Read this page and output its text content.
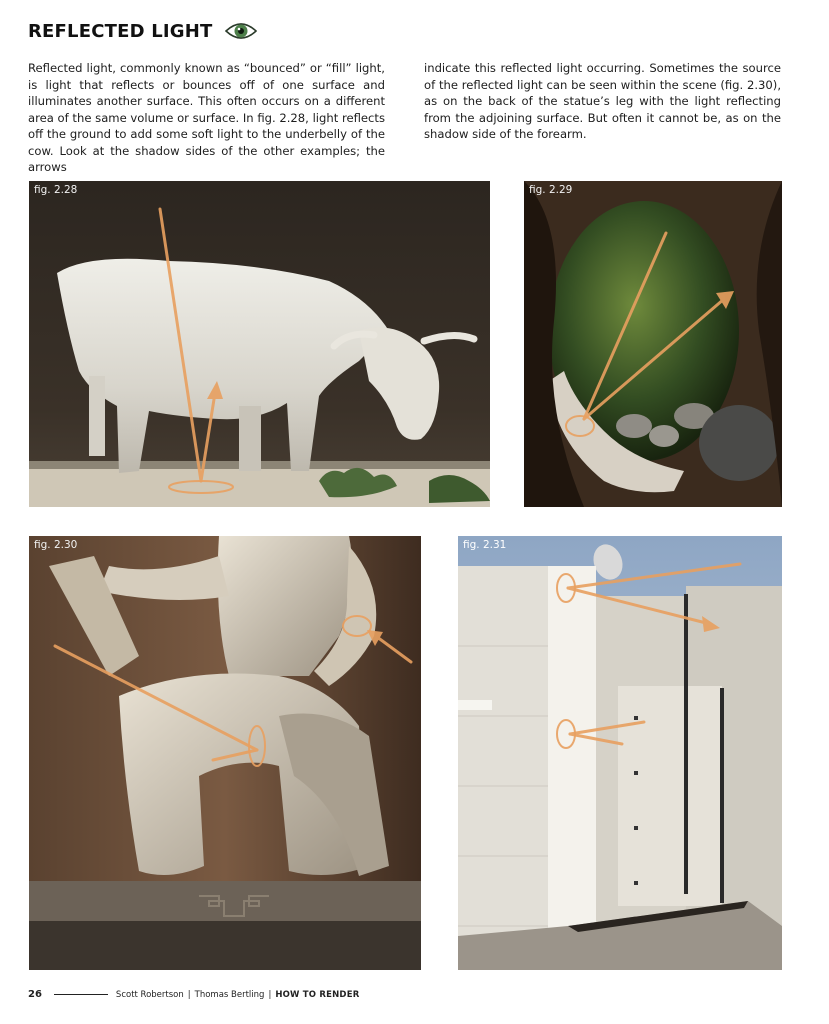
REFLECTED LIGHT

Reflected light, commonly known as “bounced” or “fill” light, is light that reflects or bounces off of one surface and illuminates another surface. This often occurs on a different area of the same volume or surface. In fig. 2.28, light reflects off the ground to add some soft light to the underbelly of the cow. Look at the shadow sides of the other examples; the arrows

indicate this reflected light occurring. Sometimes the source of the reflected light can be seen within the scene (fig. 2.30), as on the back of the statue’s leg with the light reflecting from the adjoining surface. But often it cannot be, as on the shadow side of the forearm.

fig. 2.28	fig. 2.29
fig. 2.30	fig. 2.31
26	Scott Robertson | Thomas Bertling | HOW TO RENDER
